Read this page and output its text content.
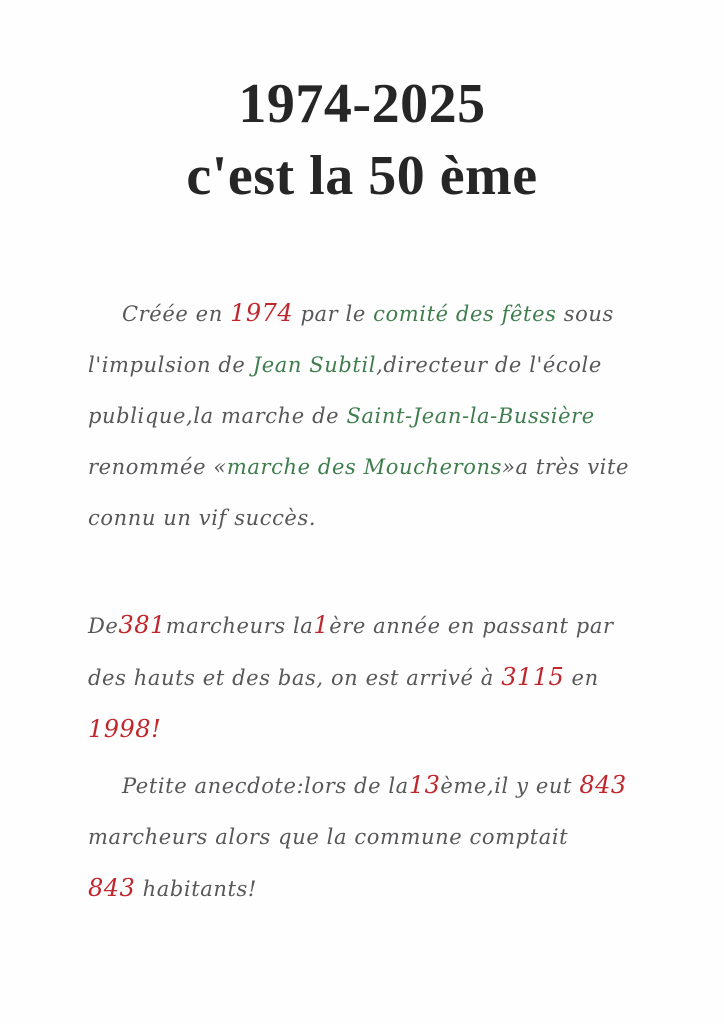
1974-2025
c'est la 50 ème
Créée en 1974 par le comité des fêtes sous
l'impulsion de Jean Subtil,directeur de l'école
publique,la marche de Saint-Jean-la-Bussière
renommée «marche des Moucherons»a très vite
connu un vif succès.
De381marcheurs la1ère année en passant par
des hauts et des bas, on est arrivé à 3115 en
1998!
Petite anecdote:lors de la13ème,il y eut 843
marcheurs alors que la commune comptait
843 habitants!
